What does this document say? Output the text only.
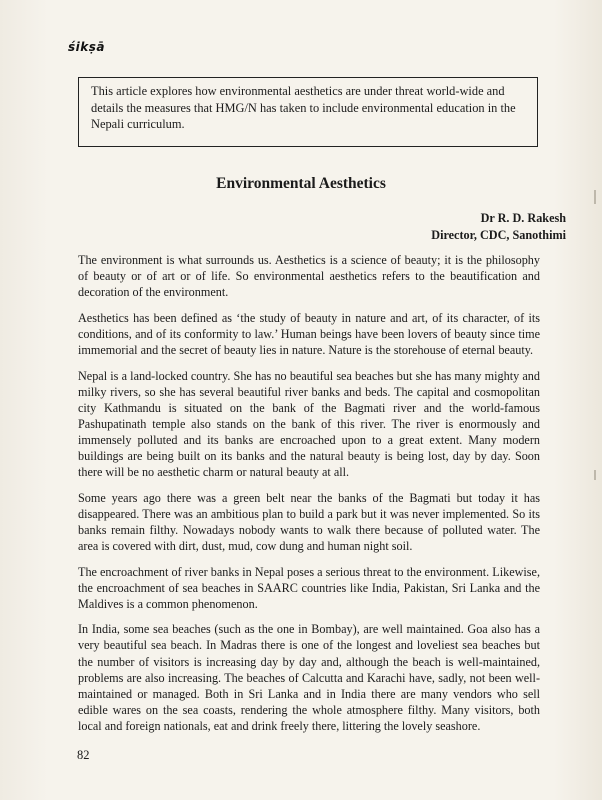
śikṣā
This article explores how environmental aesthetics are under threat world-wide and details the measures that HMG/N has taken to include environmental education in the Nepali curriculum.
Environmental Aesthetics
Dr R. D. Rakesh
Director, CDC, Sanothimi

The environment is what surrounds us. Aesthetics is a science of beauty; it is the philosophy of beauty or of art or of life. So environmental aesthetics refers to the beautification and decoration of the environment.

Aesthetics has been defined as ‘the study of beauty in nature and art, of its character, of its conditions, and of its conformity to law.’ Human beings have been lovers of beauty since time immemorial and the secret of beauty lies in nature. Nature is the storehouse of eternal beauty.

Nepal is a land-locked country. She has no beautiful sea beaches but she has many mighty and milky rivers, so she has several beautiful river banks and beds. The capital and cosmopolitan city Kathmandu is situated on the bank of the Bagmati river and the world-famous Pashupatinath temple also stands on the bank of this river. The river is enormously and immensely polluted and its banks are encroached upon to a great extent. Many modern buildings are being built on its banks and the natural beauty is being lost, day by day. Soon there will be no aesthetic charm or natural beauty at all.

Some years ago there was a green belt near the banks of the Bagmati but today it has disappeared. There was an ambitious plan to build a park but it was never implemented. So its banks remain filthy. Nowadays nobody wants to walk there because of polluted water. The area is covered with dirt, dust, mud, cow dung and human night soil.

The encroachment of river banks in Nepal poses a serious threat to the environment. Likewise, the encroachment of sea beaches in SAARC countries like India, Pakistan, Sri Lanka and the Maldives is a common phenomenon.

In India, some sea beaches (such as the one in Bombay), are well maintained. Goa also has a very beautiful sea beach. In Madras there is one of the longest and loveliest sea beaches but the number of visitors is increasing day by day and, although the beach is well-maintained, problems are also increasing. The beaches of Calcutta and Karachi have, sadly, not been well-maintained or managed. Both in Sri Lanka and in India there are many vendors who sell edible wares on the sea coasts, rendering the whole atmosphere filthy. Many visitors, both local and foreign nationals, eat and drink freely there, littering the lovely seashore.

82
